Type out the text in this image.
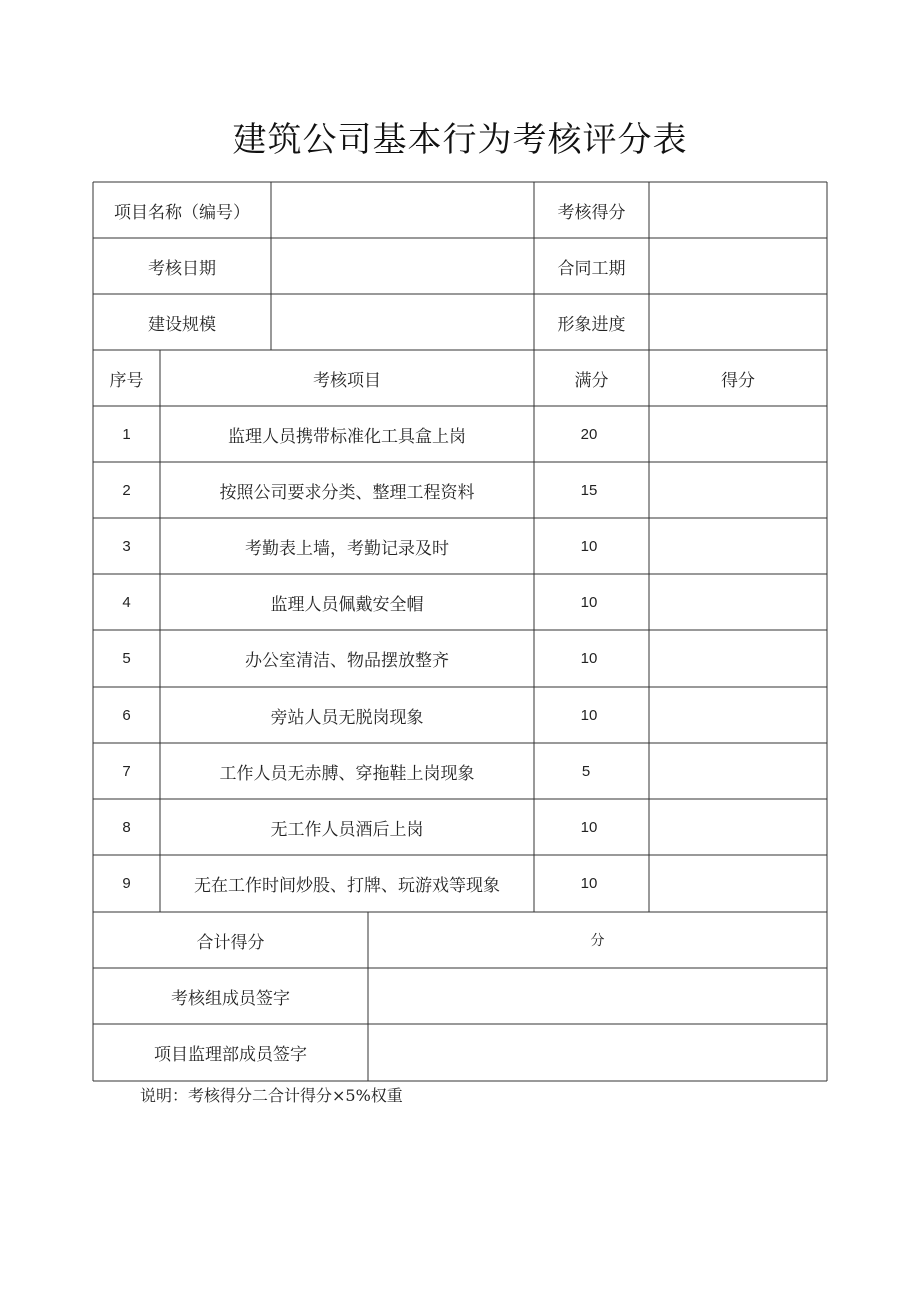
建筑公司基本行为考核评分表
项目名称（编号）	考核得分
考核日期	合同工期
建设规模	形象进度
序号	考核项目	满分	得分
1	监理人员携带标准化工具盒上岗	20
2	按照公司要求分类、整理工程资料	15
3	考勤表上墙，考勤记录及时	10
4	监理人员佩戴安全帽	10
5	办公室清洁、物品摆放整齐	10
6	旁站人员无脱岗现象	10
7	工作人员无赤膊、穿拖鞋上岗现象	5
8	无工作人员酒后上岗	10
9	无在工作时间炒股、打牌、玩游戏等现象	10
合计得分	分
考核组成员签字
项目监理部成员签字
说明：考核得分二合计得分×5%权重
